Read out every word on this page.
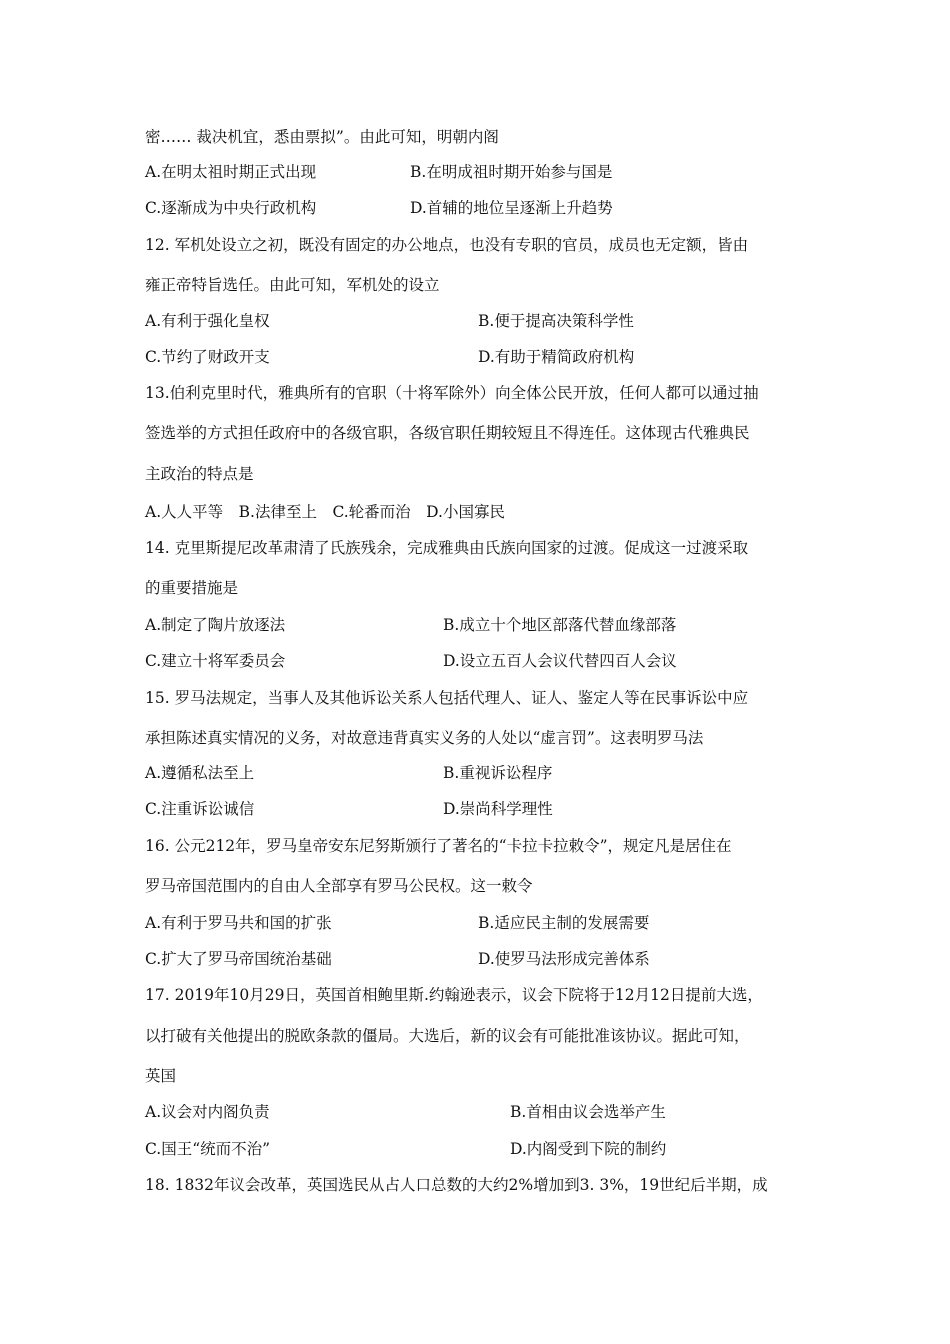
密…… 裁决机宜，悉由票拟”。由此可知，明朝内阁
A.在明太祖时期正式出现	B.在明成祖时期开始参与国是
C.逐渐成为中央行政机构	D.首辅的地位呈逐渐上升趋势
12. 军机处设立之初，既没有固定的办公地点，也没有专职的官员，成员也无定额，皆由
雍正帝特旨选任。由此可知，军机处的设立
A.有利于强化皇权	B.便于提高决策科学性
C.节约了财政开支	D.有助于精简政府机构
13.伯利克里时代，雅典所有的官职（十将军除外）向全体公民开放，任何人都可以通过抽
签选举的方式担任政府中的各级官职，各级官职任期较短且不得连任。这体现古代雅典民
主政治的特点是
A.人人平等　B.法律至上　C.轮番而治　D.小国寡民
14. 克里斯提尼改革肃清了氏族残余，完成雅典由氏族向国家的过渡。促成这一过渡采取
的重要措施是
A.制定了陶片放逐法	B.成立十个地区部落代替血缘部落
C.建立十将军委员会	D.设立五百人会议代替四百人会议
15. 罗马法规定，当事人及其他诉讼关系人包括代理人、证人、鉴定人等在民事诉讼中应
承担陈述真实情况的义务，对故意违背真实义务的人处以“虚言罚”。这表明罗马法
A.遵循私法至上	B.重视诉讼程序
C.注重诉讼诚信	D.崇尚科学理性
16. 公元212年，罗马皇帝安东尼努斯颁行了著名的“卡拉卡拉敕令”，规定凡是居住在
罗马帝国范围内的自由人全部享有罗马公民权。这一敕令
A.有利于罗马共和国的扩张	B.适应民主制的发展需要
C.扩大了罗马帝国统治基础	D.使罗马法形成完善体系
17. 2019年10月29日，英国首相鲍里斯.约翰逊表示，议会下院将于12月12日提前大选，
以打破有关他提出的脱欧条款的僵局。大选后，新的议会有可能批准该协议。据此可知，
英国
A.议会对内阁负责	B.首相由议会选举产生
C.国王“统而不治”	D.内阁受到下院的制约
18. 1832年议会改革，英国选民从占人口总数的大约2%增加到3. 3%，19世纪后半期，成
